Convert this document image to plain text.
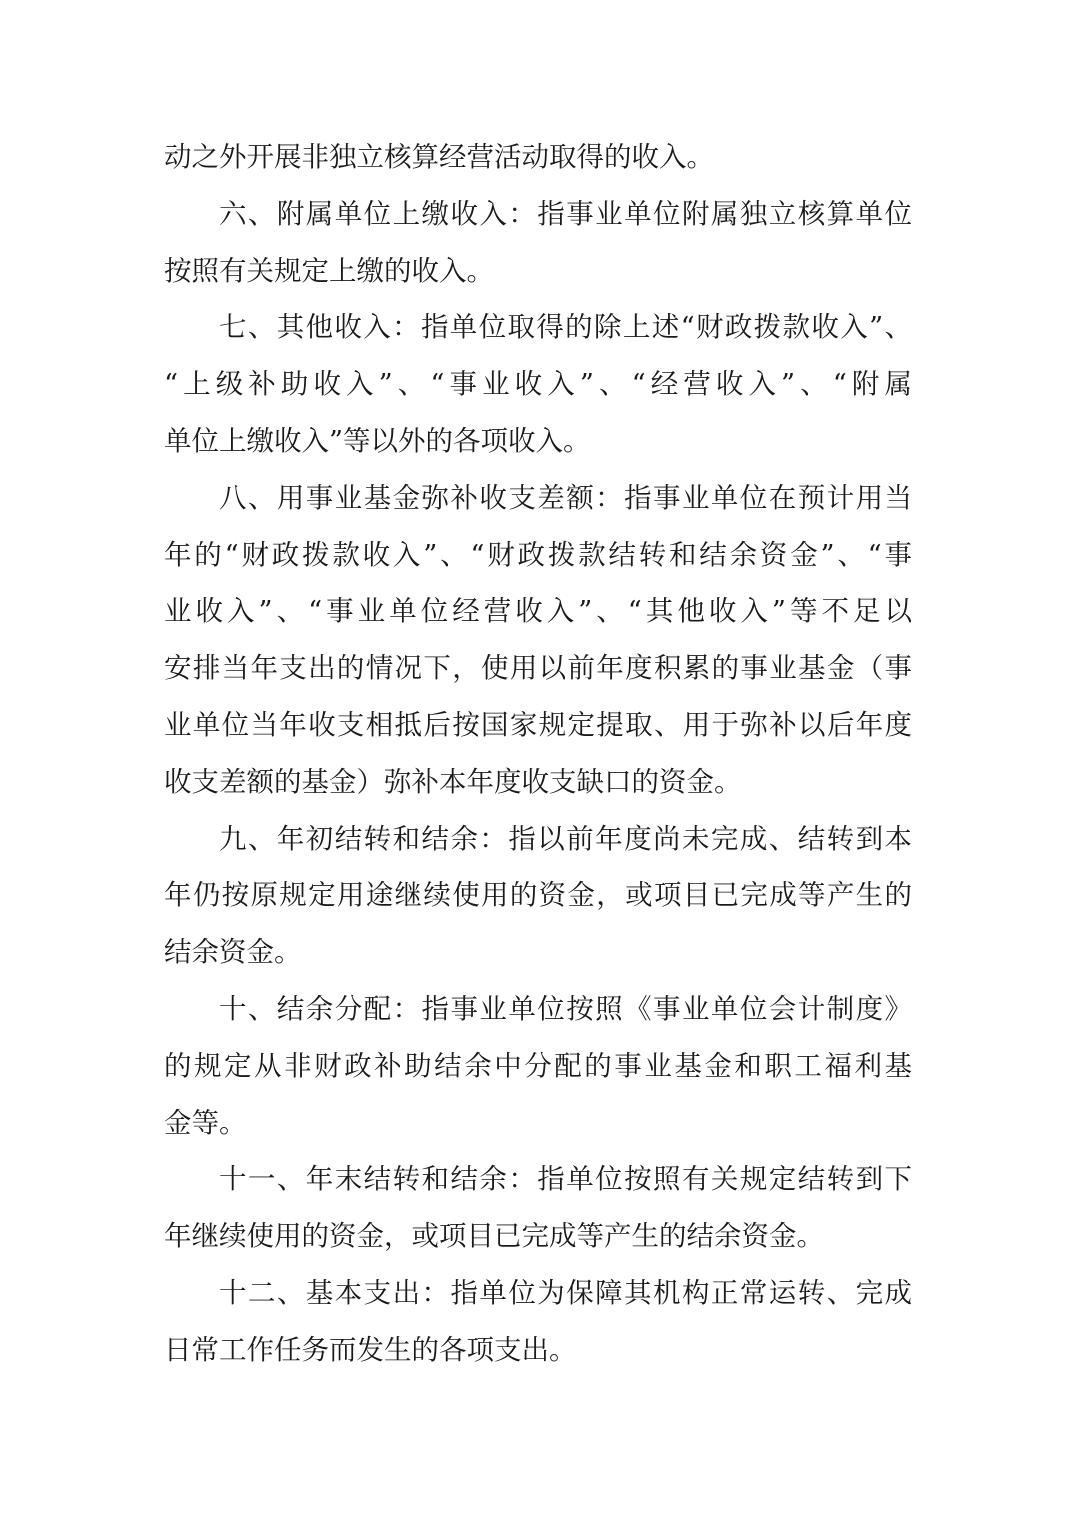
动之外开展非独立核算经营活动取得的收入。

六、附属单位上缴收入：指事业单位附属独立核算单位
按照有关规定上缴的收入。

七、其他收入：指单位取得的除上述“财政拨款收入”、
“上级补助收入”、“事业收入”、“经营收入”、“附属
单位上缴收入”等以外的各项收入。

八、用事业基金弥补收支差额：指事业单位在预计用当
年的“财政拨款收入”、“财政拨款结转和结余资金”、“事
业收入”、“事业单位经营收入”、“其他收入”等不足以
安排当年支出的情况下，使用以前年度积累的事业基金（事
业单位当年收支相抵后按国家规定提取、用于弥补以后年度
收支差额的基金）弥补本年度收支缺口的资金。

九、年初结转和结余：指以前年度尚未完成、结转到本
年仍按原规定用途继续使用的资金，或项目已完成等产生的
结余资金。

十、结余分配：指事业单位按照《事业单位会计制度》
的规定从非财政补助结余中分配的事业基金和职工福利基
金等。

十一、年末结转和结余：指单位按照有关规定结转到下
年继续使用的资金，或项目已完成等产生的结余资金。

十二、基本支出：指单位为保障其机构正常运转、完成
日常工作任务而发生的各项支出。
